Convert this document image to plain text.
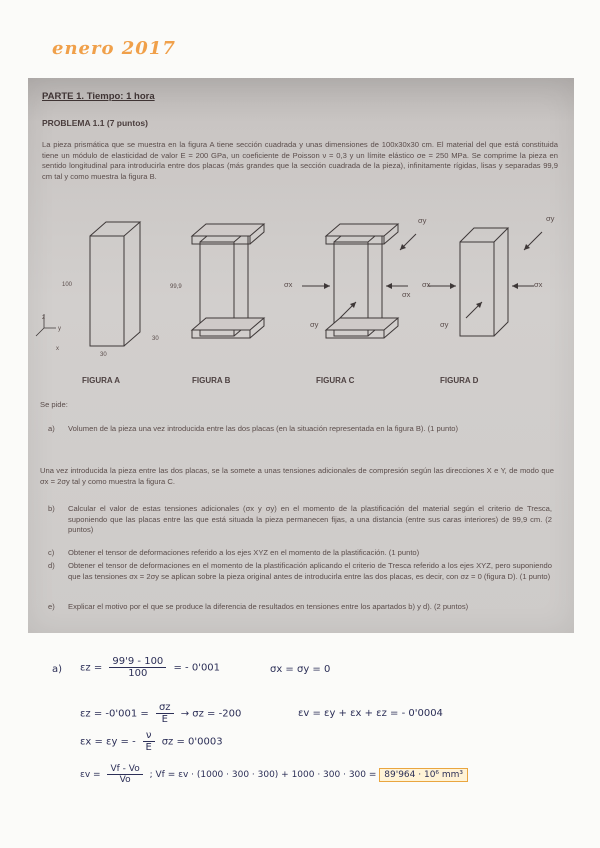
enero 2017
PARTE 1. Tiempo: 1 hora
PROBLEMA 1.1 (7 puntos)
La pieza prismática que se muestra en la figura A tiene sección cuadrada y unas dimensiones de 100x30x30 cm. El material del que está constituida tiene un módulo de elasticidad de valor E = 200 GPa, un coeficiente de Poisson ν = 0,3 y un límite elástico σe = 250 MPa. Se comprime la pieza en sentido longitudinal para introducirla entre dos placas (más grandes que la sección cuadrada de la pieza), infinitamente rígidas, lisas y separadas 99,9 cm tal y como muestra la figura B.
100	99,9
30
30
z
y
x
σy
σx
σx
σy
σy
σx	σx
σy
FIGURA A	FIGURA B	FIGURA C	FIGURA D
Se pide:
a)	Volumen de la pieza una vez introducida entre las dos placas (en la situación representada en la figura B). (1 punto)
Una vez introducida la pieza entre las dos placas, se la somete a unas tensiones adicionales de compresión según las direcciones X e Y, de modo que σx = 2σy tal y como muestra la figura C.
b)	Calcular el valor de estas tensiones adicionales (σx y σy) en el momento de la plastificación del material según el criterio de Tresca, suponiendo que las placas entre las que está situada la pieza permanecen fijas, a una distancia (entre sus caras interiores) de 99,9 cm. (2 puntos)
c)	Obtener el tensor de deformaciones referido a los ejes XYZ en el momento de la plastificación. (1 punto)
d)	Obtener el tensor de deformaciones en el momento de la plastificación aplicando el criterio de Tresca referido a los ejes XYZ, pero suponiendo que las tensiones σx = 2σy se aplican sobre la pieza original antes de introducirla entre las dos placas, es decir, con σz = 0 (figura D). (1 punto)
e)	Explicar el motivo por el que se produce la diferencia de resultados en tensiones entre los apartados b) y d). (2 puntos)
a) $\varepsilon z = \frac{99'9 - 100}{100}$ = - 0'001	σx = σy = 0
$\varepsilon z = -0'001 = \frac{\sigma z}{E} \to \sigma z = -200$	εv = εy + εx + εz = - 0'0004
εx = εy = - $\frac{\nu}{E}$ σz = 0'0003
$\varepsilon v = \frac{Vf - Vo}{Vo}$ ; Vf = εv · (1000 · 300 · 300) + 1000 · 300 · 300 = 89'964 · 10⁶ mm³
